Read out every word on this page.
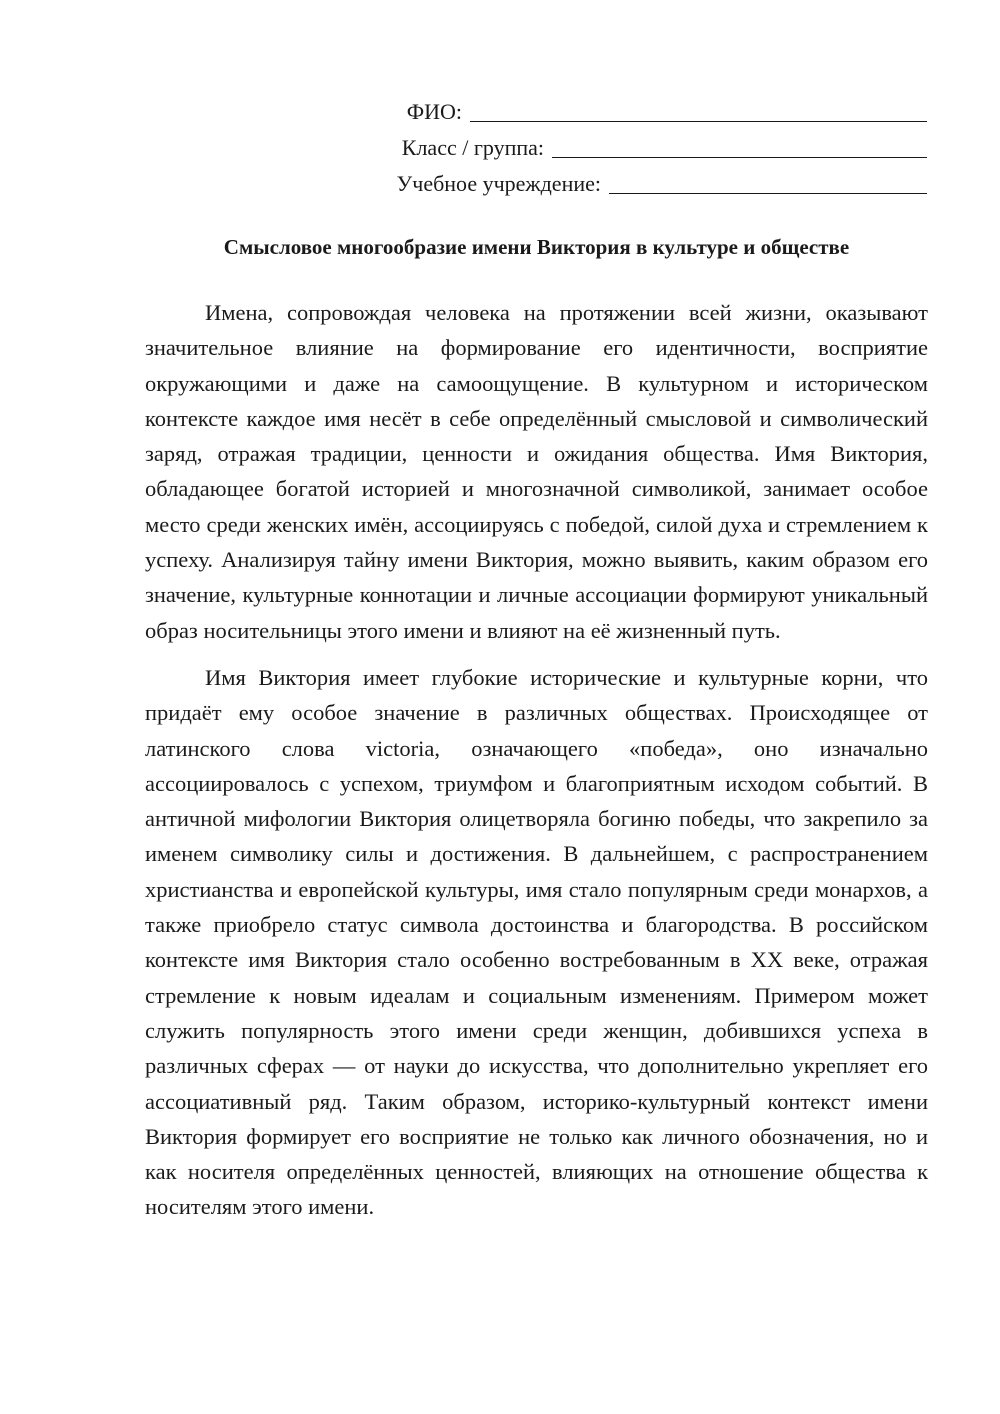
ФИО:
Класс / группа:
Учебное учреждение:
Смысловое многообразие имени Виктория в культуре и обществе

Имена, сопровождая человека на протяжении всей жизни, оказывают значительное влияние на формирование его идентичности, восприятие окружающими и даже на самоощущение. В культурном и историческом контексте каждое имя несёт в себе определённый смысловой и символический заряд, отражая традиции, ценности и ожидания общества. Имя Виктория, обладающее богатой историей и многозначной символикой, занимает особое место среди женских имён, ассоциируясь с победой, силой духа и стремлением к успеху. Анализируя тайну имени Виктория, можно выявить, каким образом его значение, культурные коннотации и личные ассоциации формируют уникальный образ носительницы этого имени и влияют на её жизненный путь.

Имя Виктория имеет глубокие исторические и культурные корни, что придаёт ему особое значение в различных обществах. Происходящее от латинского слова victoria, означающего «победа», оно изначально ассоциировалось с успехом, триумфом и благоприятным исходом событий. В античной мифологии Виктория олицетворяла богиню победы, что закрепило за именем символику силы и достижения. В дальнейшем, с распространением христианства и европейской культуры, имя стало популярным среди монархов, а также приобрело статус символа достоинства и благородства. В российском контексте имя Виктория стало особенно востребованным в XX веке, отражая стремление к новым идеалам и социальным изменениям. Примером может служить популярность этого имени среди женщин, добившихся успеха в различных сферах — от науки до искусства, что дополнительно укрепляет его ассоциативный ряд. Таким образом, историко-культурный контекст имени Виктория формирует его восприятие не только как личного обозначения, но и как носителя определённых ценностей, влияющих на отношение общества к носителям этого имени.
